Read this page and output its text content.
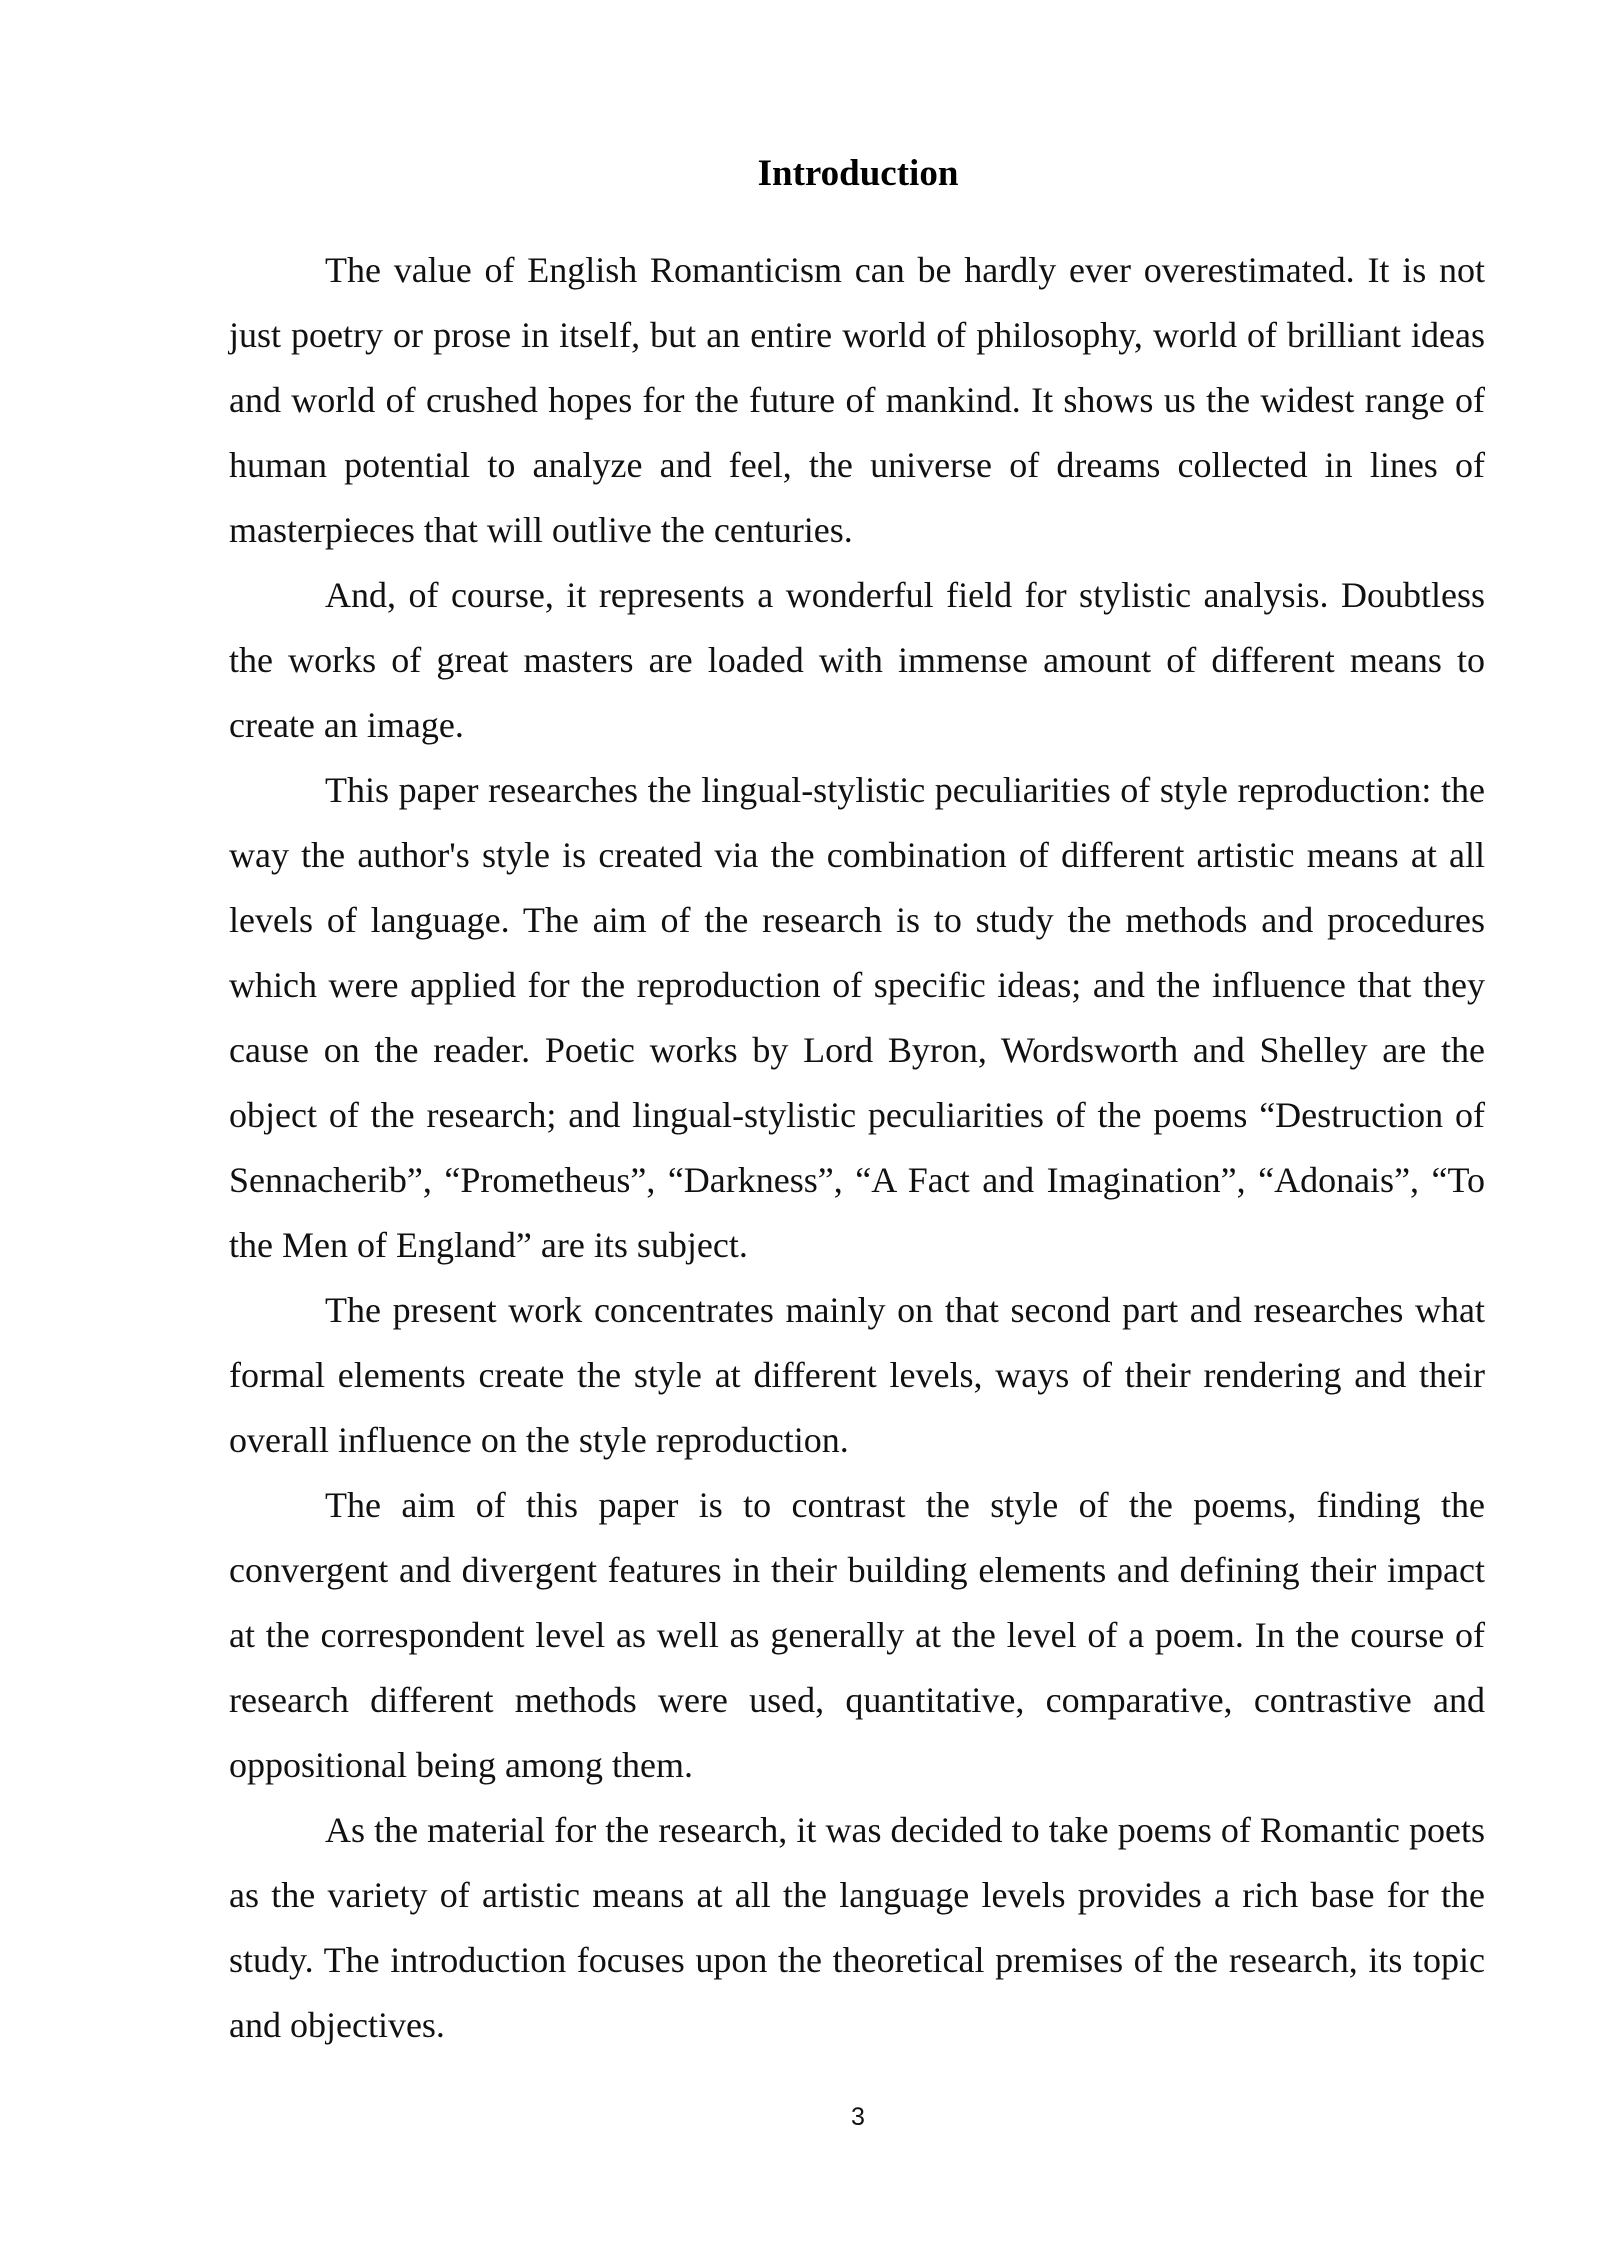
Introduction

The value of English Romanticism can be hardly ever overestimated. It is not just poetry or prose in itself, but an entire world of philosophy, world of brilliant ideas and world of crushed hopes for the future of mankind. It shows us the widest range of human potential to analyze and feel, the universe of dreams collected in lines of masterpieces that will outlive the centuries.

And, of course, it represents a wonderful field for stylistic analysis. Doubtless the works of great masters are loaded with immense amount of different means to create an image.

This paper researches the lingual-stylistic peculiarities of style reproduction: the way the author's style is created via the combination of different artistic means at all levels of language. The aim of the research is to study the methods and procedures which were applied for the reproduction of specific ideas; and the influence that they cause on the reader. Poetic works by Lord Byron, Wordsworth and Shelley are the object of the research; and lingual-stylistic peculiarities of the poems “Destruction of Sennacherib”, “Prometheus”, “Darkness”, “A Fact and Imagination”, “Adonais”, “To the Men of England” are its subject.

The present work concentrates mainly on that second part and researches what formal elements create the style at different levels, ways of their rendering and their overall influence on the style reproduction.

The aim of this paper is to contrast the style of the poems, finding the convergent and divergent features in their building elements and defining their impact at the correspondent level as well as generally at the level of a poem. In the course of research different methods were used, quantitative, comparative, contrastive and oppositional being among them.

As the material for the research, it was decided to take poems of Romantic poets as the variety of artistic means at all the language levels provides a rich base for the study. The introduction focuses upon the theoretical premises of the research, its topic and objectives.

3
